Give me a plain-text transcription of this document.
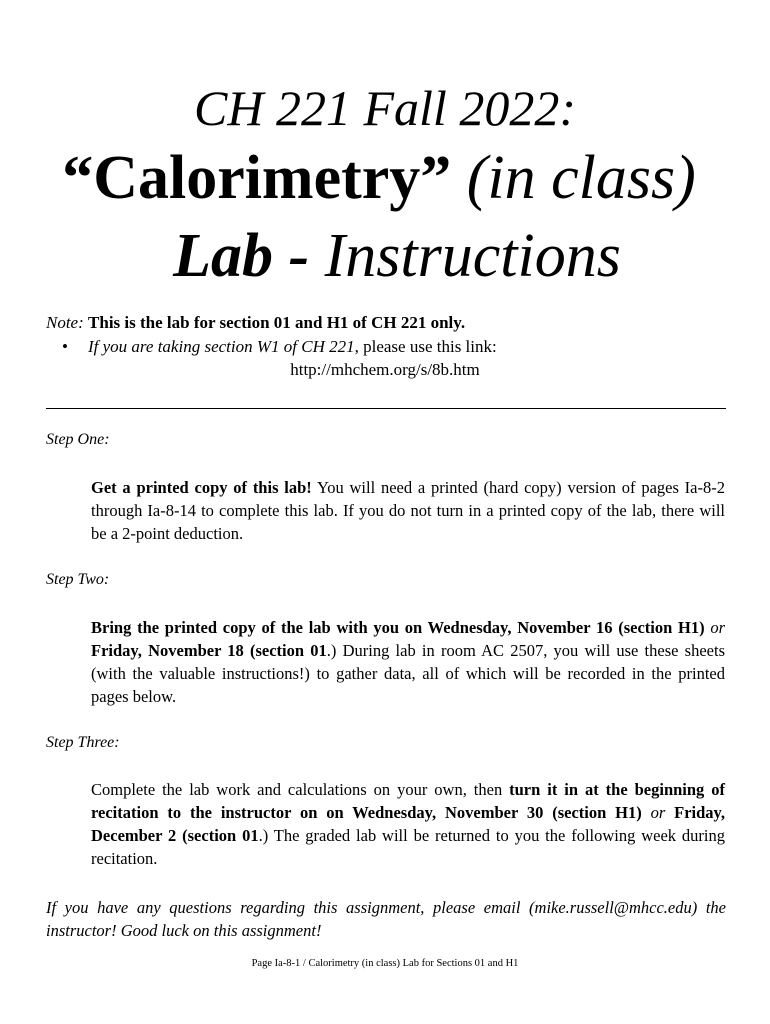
CH 221 Fall 2022:
“Calorimetry” (in class)
Lab - Instructions
Note: This is the lab for section 01 and H1 of CH 221 only.
• If you are taking section W1 of CH 221, please use this link:
http://mhchem.org/s/8b.htm
Step One:
Get a printed copy of this lab! You will need a printed (hard copy) version of pages Ia-8-2 through Ia-8-14 to complete this lab. If you do not turn in a printed copy of the lab, there will be a 2-point deduction.
Step Two:
Bring the printed copy of the lab with you on Wednesday, November 16 (section H1) or Friday, November 18 (section 01.) During lab in room AC 2507, you will use these sheets (with the valuable instructions!) to gather data, all of which will be recorded in the printed pages below.
Step Three:
Complete the lab work and calculations on your own, then turn it in at the beginning of recitation to the instructor on on Wednesday, November 30 (section H1) or Friday, December 2 (section 01.) The graded lab will be returned to you the following week during recitation.
If you have any questions regarding this assignment, please email (mike.russell@mhcc.edu) the instructor! Good luck on this assignment!
Page Ia-8-1 / Calorimetry (in class) Lab for Sections 01 and H1
